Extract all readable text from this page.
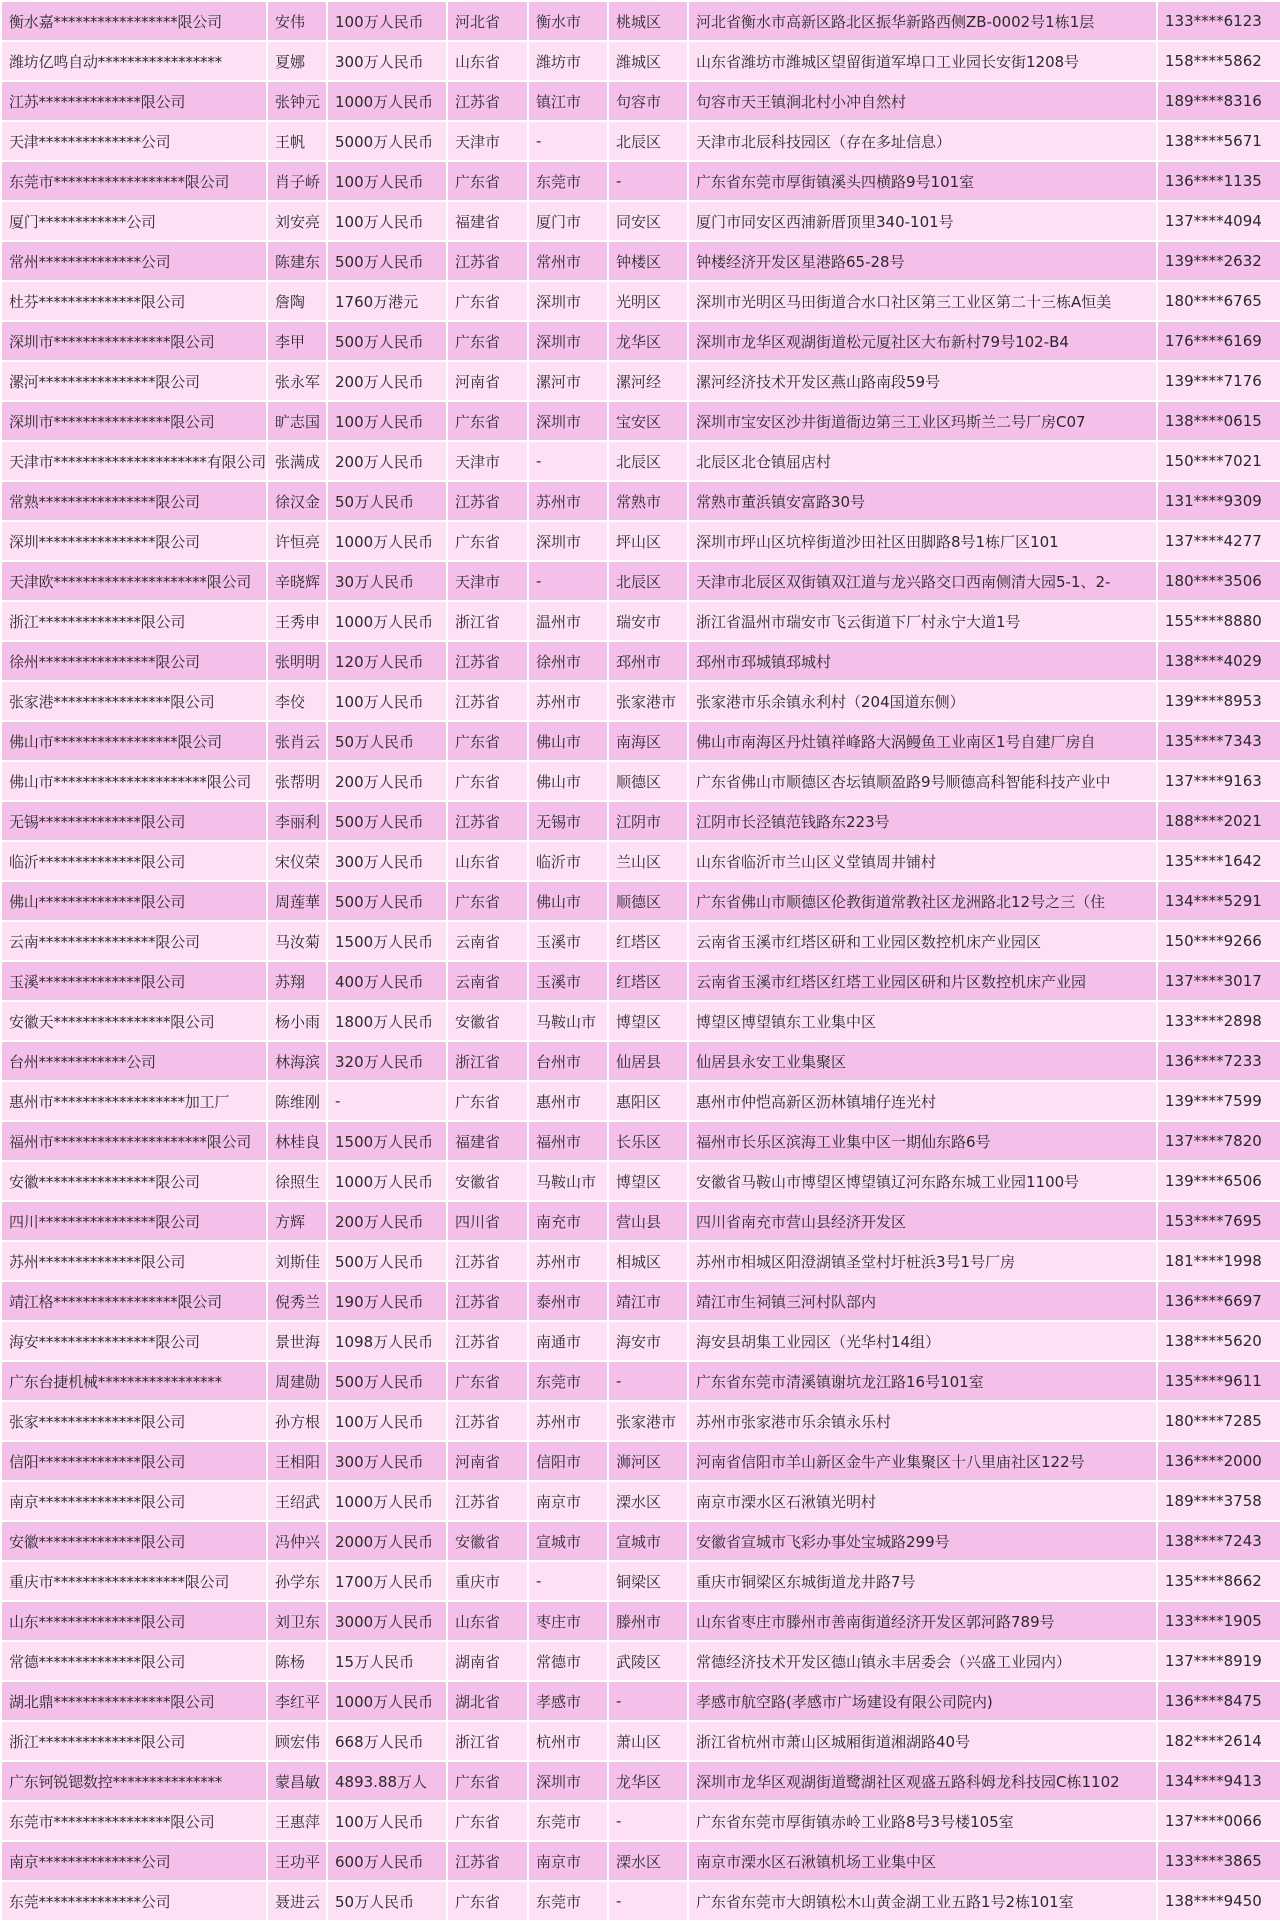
衡水嘉*****************限公司	安伟	100万人民币	河北省	衡水市	桃城区	河北省衡水市高新区路北区振华新路西侧ZB-0002号1栋1层	133****6123
潍坊亿鸣自动*****************	夏娜	300万人民币	山东省	潍坊市	潍城区	山东省潍坊市潍城区望留街道军埠口工业园长安街1208号	158****5862
江苏**************限公司	张钟元	1000万人民币	江苏省	镇江市	句容市	句容市天王镇涧北村小冲自然村	189****8316
天津**************公司	王帆	5000万人民币	天津市	-	北辰区	天津市北辰科技园区（存在多址信息）	138****5671
东莞市******************限公司	肖子峤	100万人民币	广东省	东莞市	-	广东省东莞市厚街镇溪头四横路9号101室	136****1135
厦门************公司	刘安亮	100万人民币	福建省	厦门市	同安区	厦门市同安区西浦新厝顶里340-101号	137****4094
常州**************公司	陈建东	500万人民币	江苏省	常州市	钟楼区	钟楼经济开发区星港路65-28号	139****2632
杜芬**************限公司	詹陶	1760万港元	广东省	深圳市	光明区	深圳市光明区马田街道合水口社区第三工业区第二十三栋A恒美	180****6765
深圳市****************限公司	李甲	500万人民币	广东省	深圳市	龙华区	深圳市龙华区观湖街道松元厦社区大布新村79号102-B4	176****6169
漯河****************限公司	张永军	200万人民币	河南省	漯河市	漯河经	漯河经济技术开发区燕山路南段59号	139****7176
深圳市****************限公司	旷志国	100万人民币	广东省	深圳市	宝安区	深圳市宝安区沙井街道衙边第三工业区玛斯兰二号厂房C07	138****0615
天津市*********************有限公司	张满成	200万人民币	天津市	-	北辰区	北辰区北仓镇屈店村	150****7021
常熟****************限公司	徐汉金	50万人民币	江苏省	苏州市	常熟市	常熟市董浜镇安富路30号	131****9309
深圳****************限公司	许恒亮	1000万人民币	广东省	深圳市	坪山区	深圳市坪山区坑梓街道沙田社区田脚路8号1栋厂区101	137****4277
天津欧*********************限公司	辛晓辉	30万人民币	天津市	-	北辰区	天津市北辰区双街镇双江道与龙兴路交口西南侧清大园5-1、2-	180****3506
浙江**************限公司	王秀申	1000万人民币	浙江省	温州市	瑞安市	浙江省温州市瑞安市飞云街道下厂村永宁大道1号	155****8880
徐州****************限公司	张明明	120万人民币	江苏省	徐州市	邳州市	邳州市邳城镇邳城村	138****4029
张家港****************限公司	李佼	100万人民币	江苏省	苏州市	张家港市	张家港市乐余镇永利村（204国道东侧）	139****8953
佛山市*****************限公司	张肖云	50万人民币	广东省	佛山市	南海区	佛山市南海区丹灶镇祥峰路大涡鳗鱼工业南区1号自建厂房自	135****7343
佛山市*********************限公司	张帮明	200万人民币	广东省	佛山市	顺德区	广东省佛山市顺德区杏坛镇顺盈路9号顺德高科智能科技产业中	137****9163
无锡**************限公司	李丽利	500万人民币	江苏省	无锡市	江阴市	江阴市长泾镇范钱路东223号	188****2021
临沂**************限公司	宋仪荣	300万人民币	山东省	临沂市	兰山区	山东省临沂市兰山区义堂镇周井铺村	135****1642
佛山**************限公司	周莲華	500万人民币	广东省	佛山市	顺德区	广东省佛山市顺德区伦教街道常教社区龙洲路北12号之三（住	134****5291
云南****************限公司	马汝菊	1500万人民币	云南省	玉溪市	红塔区	云南省玉溪市红塔区研和工业园区数控机床产业园区	150****9266
玉溪**************限公司	苏翔	400万人民币	云南省	玉溪市	红塔区	云南省玉溪市红塔区红塔工业园区研和片区数控机床产业园	137****3017
安徽天****************限公司	杨小雨	1800万人民币	安徽省	马鞍山市	博望区	博望区博望镇东工业集中区	133****2898
台州************公司	林海滨	320万人民币	浙江省	台州市	仙居县	仙居县永安工业集聚区	136****7233
惠州市******************加工厂	陈维刚	-	广东省	惠州市	惠阳区	惠州市仲恺高新区沥林镇埔仔连光村	139****7599
福州市*********************限公司	林桂良	1500万人民币	福建省	福州市	长乐区	福州市长乐区滨海工业集中区一期仙东路6号	137****7820
安徽****************限公司	徐照生	1000万人民币	安徽省	马鞍山市	博望区	安徽省马鞍山市博望区博望镇辽河东路东城工业园1100号	139****6506
四川****************限公司	方辉	200万人民币	四川省	南充市	营山县	四川省南充市营山县经济开发区	153****7695
苏州**************限公司	刘斯佳	500万人民币	江苏省	苏州市	相城区	苏州市相城区阳澄湖镇圣堂村圩桩浜3号1号厂房	181****1998
靖江格*****************限公司	倪秀兰	190万人民币	江苏省	泰州市	靖江市	靖江市生祠镇三河村队部内	136****6697
海安****************限公司	景世海	1098万人民币	江苏省	南通市	海安市	海安县胡集工业园区（光华村14组）	138****5620
广东台捷机械*****************	周建勋	500万人民币	广东省	东莞市	-	广东省东莞市清溪镇谢坑龙江路16号101室	135****9611
张家**************限公司	孙方根	100万人民币	江苏省	苏州市	张家港市	苏州市张家港市乐余镇永乐村	180****7285
信阳**************限公司	王相阳	300万人民币	河南省	信阳市	浉河区	河南省信阳市羊山新区金牛产业集聚区十八里庙社区122号	136****2000
南京**************限公司	王绍武	1000万人民币	江苏省	南京市	溧水区	南京市溧水区石湫镇光明村	189****3758
安徽**************限公司	冯仲兴	2000万人民币	安徽省	宣城市	宣城市	安徽省宣城市飞彩办事处宝城路299号	138****7243
重庆市******************限公司	孙学东	1700万人民币	重庆市	-	铜梁区	重庆市铜梁区东城街道龙井路7号	135****8662
山东**************限公司	刘卫东	3000万人民币	山东省	枣庄市	滕州市	山东省枣庄市滕州市善南街道经济开发区郭河路789号	133****1905
常德**************限公司	陈杨	15万人民币	湖南省	常德市	武陵区	常德经济技术开发区德山镇永丰居委会（兴盛工业园内）	137****8919
湖北鼎****************限公司	李红平	1000万人民币	湖北省	孝感市	-	孝感市航空路(孝感市广场建设有限公司院内)	136****8475
浙江**************限公司	顾宏伟	668万人民币	浙江省	杭州市	萧山区	浙江省杭州市萧山区城厢街道湘湖路40号	182****2614
广东钶锐锶数控***************	蒙昌敏	4893.88万人	广东省	深圳市	龙华区	深圳市龙华区观湖街道鹭湖社区观盛五路科姆龙科技园C栋1102	134****9413
东莞市****************限公司	王惠萍	100万人民币	广东省	东莞市	-	广东省东莞市厚街镇赤岭工业路8号3号楼105室	137****0066
南京**************公司	王功平	600万人民币	江苏省	南京市	溧水区	南京市溧水区石湫镇机场工业集中区	133****3865
东莞**************公司	聂进云	50万人民币	广东省	东莞市	-	广东省东莞市大朗镇松木山黄金湖工业五路1号2栋101室	138****9450
